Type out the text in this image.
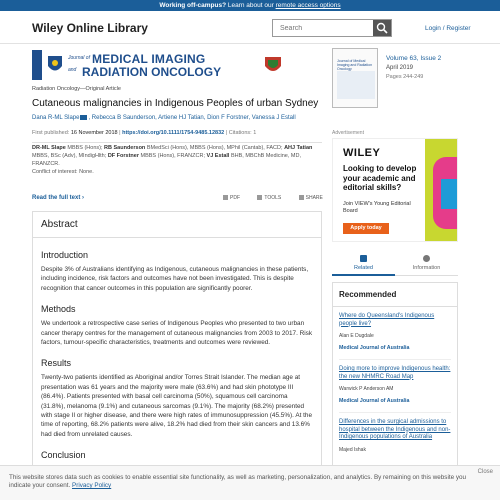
Working off-campus? Learn about our remote access options
Wiley Online Library
Search	Login / Register
Journal of MEDICAL IMAGING
and RADIATION ONCOLOGY
Radiation Oncology—Original Article
Cutaneous malignancies in Indigenous Peoples of urban Sydney
Dana R-ML Slape , Rebecca B Saunderson, Artiene HJ Tatian, Dion F Forstner, Vanessa J Estall
First published: 16 November 2018 | https://doi.org/10.1111/1754-9485.12832 | Citations: 1
DR-ML Slape MBBS (Hons); RB Saunderson BMedSci (Hons), MBBS (Hons), MPhil (Cantab), FACD; AHJ Tatian MBBS, BSc (Adv), MIndigHlth; DF Forstner MBBS (Hons), FRANZCR; VJ Estall BHB, MBChB Medicine, MD, FRANZCR.
Conflict of interest: None.
Read the full text ›	PDF	TOOLS	SHARE
Abstract
Introduction

Despite 3% of Australians identifying as Indigenous, cutaneous malignancies in these patients, including incidence, risk factors and outcomes have not been investigated. This is despite recognition that cancer outcomes in this population are significantly poorer.

Methods

We undertook a retrospective case series of Indigenous Peoples who presented to two urban cancer therapy centres for the management of cutaneous malignancies from 2003 to 2017. Risk factors, tumour-specific characteristics, treatments and outcomes were reviewed.

Results

Twenty-two patients identified as Aboriginal and/or Torres Strait Islander. The median age at presentation was 61 years and the majority were male (63.6%) and had skin phototype III (86.4%). Patients presented with basal cell carcinoma (50%), squamous cell carcinoma (31.8%), melanoma (9.1%) and cutaneous sarcomas (9.1%). The majority (68.2%) presented with stage II or higher disease, and there were high rates of immunosuppression (45.5%). At the time of reporting, 68.2% patients were alive, 18.2% had died from their skin cancers and 13.6% had died from unrelated causes.

Conclusion
Journal of Medical Imaging and Radiation Oncology
Volume 63, Issue 2
April 2019
Pages 244-249
Advertisement
WILEY
Looking to develop your academic and editorial skills?
Join VIEW's Young Editorial Board
Apply today
Related	Information
Recommended
Where do Queensland's Indigenous people live?
Alan E Dugdale
Medical Journal of Australia
Doing more to improve Indigenous health: the new NHMRC Road Map
Warwick P Anderson AM
Medical Journal of Australia
Differences in the surgical admissions to hospital between the Indigenous and non-Indigenous populations of Australia
Majed Ishak
This website stores data such as cookies to enable essential site functionality, as well as marketing, personalization, and analytics. By remaining on this website you indicate your consent. Privacy Policy
Close
